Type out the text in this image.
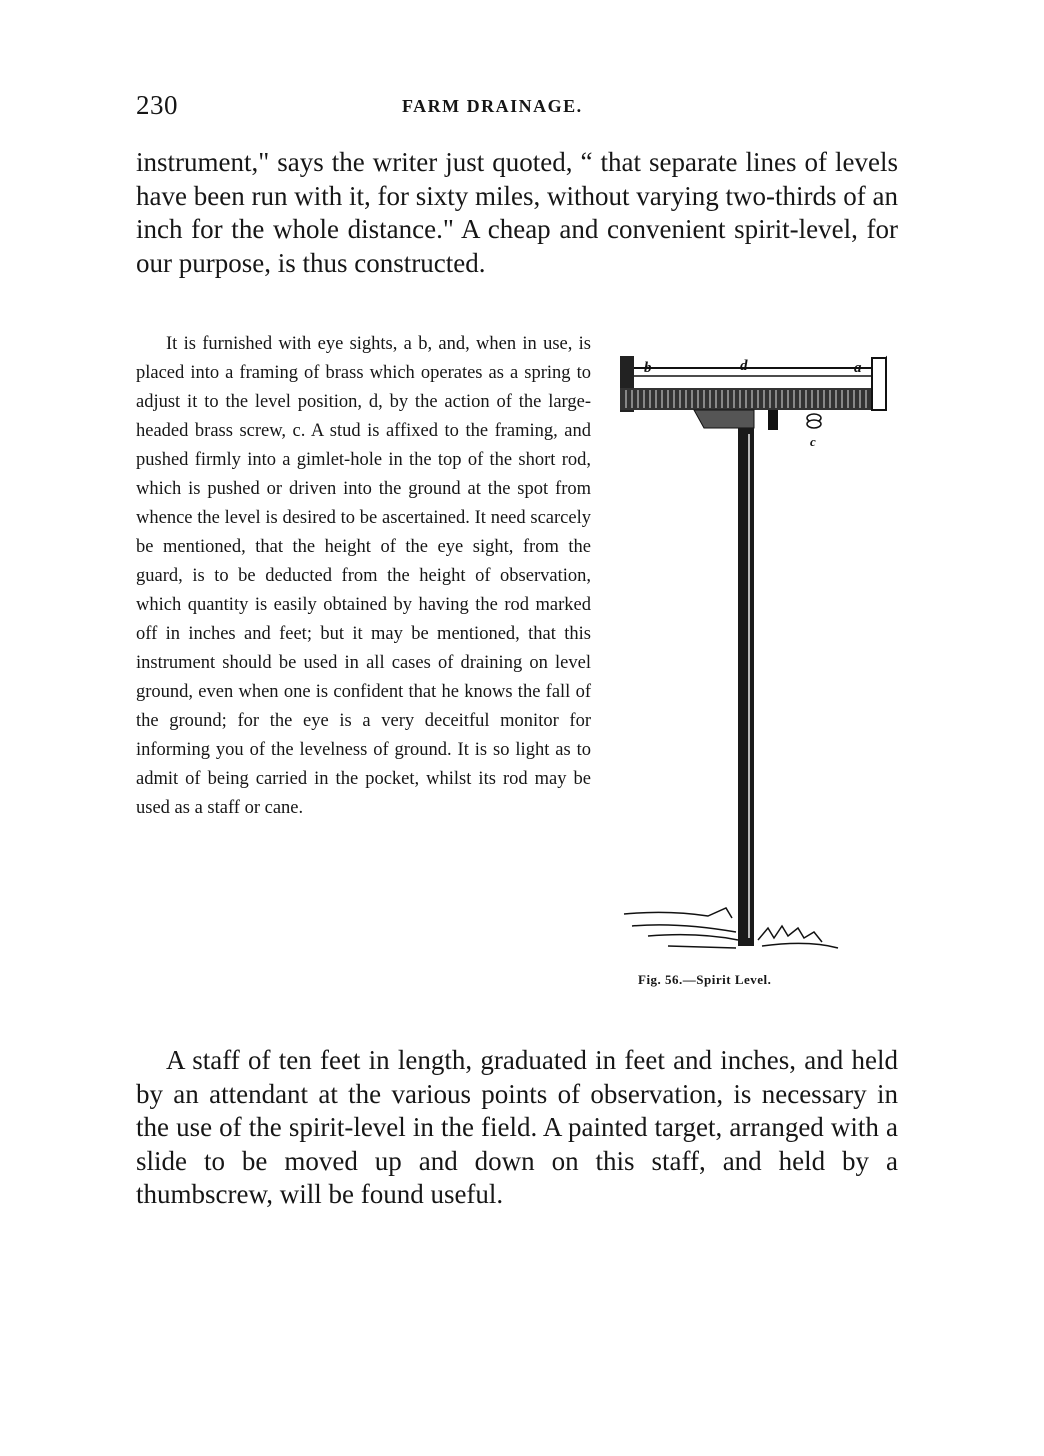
230	FARM DRAINAGE.

instrument," says the writer just quoted, “ that separate lines of levels have been run with it, for sixty miles, without varying two-thirds of an inch for the whole distance." A cheap and convenient spirit-level, for our purpose, is thus constructed.

It is furnished with eye sights, a b, and, when in use, is placed into a framing of brass which operates as a spring to adjust it to the level position, d, by the action of the large-headed brass screw, c. A stud is affixed to the framing, and pushed firmly into a gimlet-hole in the top of the short rod, which is pushed or driven into the ground at the spot from whence the level is desired to be ascertained. It need scarcely be mentioned, that the height of the eye sight, from the guard, is to be deducted from the height of observation, which quantity is easily obtained by having the rod marked off in inches and feet; but it may be mentioned, that this instrument should be used in all cases of draining on level ground, even when one is confident that he knows the fall of the ground; for the eye is a very deceitful monitor for informing you of the levelness of ground. It is so light as to admit of being carried in the pocket, whilst its rod may be used as a staff or cane.

b	d	a
c
Fig. 56.—Spirit Level.

A staff of ten feet in length, graduated in feet and inches, and held by an attendant at the various points of observation, is necessary in the use of the spirit-level in the field. A painted target, arranged with a slide to be moved up and down on this staff, and held by a thumbscrew, will be found useful.
